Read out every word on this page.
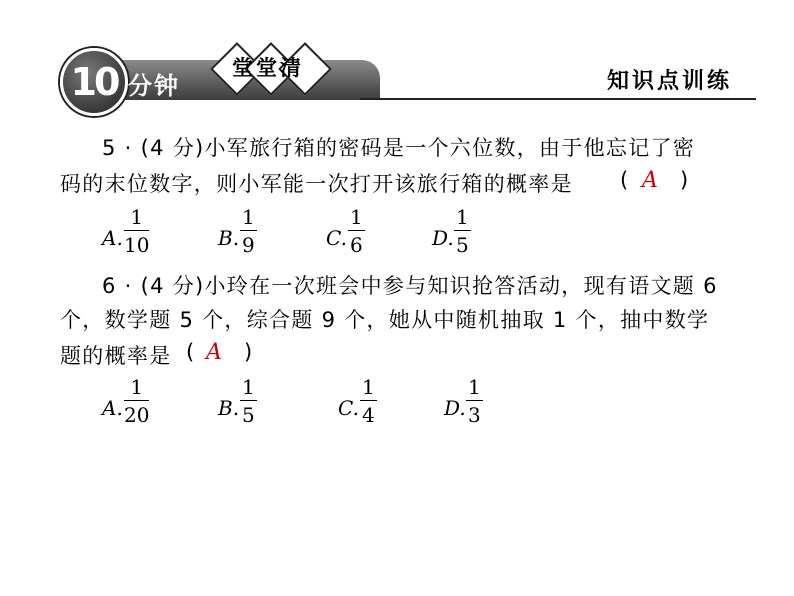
10 分钟
堂堂清
知识点训练
5 · (4 分)小军旅行箱的密码是一个六位数，由于他忘记了密
码的末位数字，则小军能一次打开该旅行箱的概率是 ( A )
A. $\frac{1}{10}$	B. $\frac{1}{9}$	C. $\frac{1}{6}$	D. $\frac{1}{5}$
6 · (4 分)小玲在一次班会中参与知识抢答活动，现有语文题 6
个，数学题 5 个，综合题 9 个，她从中随机抽取 1 个，抽中数学
题的概率是 ( A )
A. $\frac{1}{20}$	B. $\frac{1}{5}$	C. $\frac{1}{4}$	D. $\frac{1}{3}$
